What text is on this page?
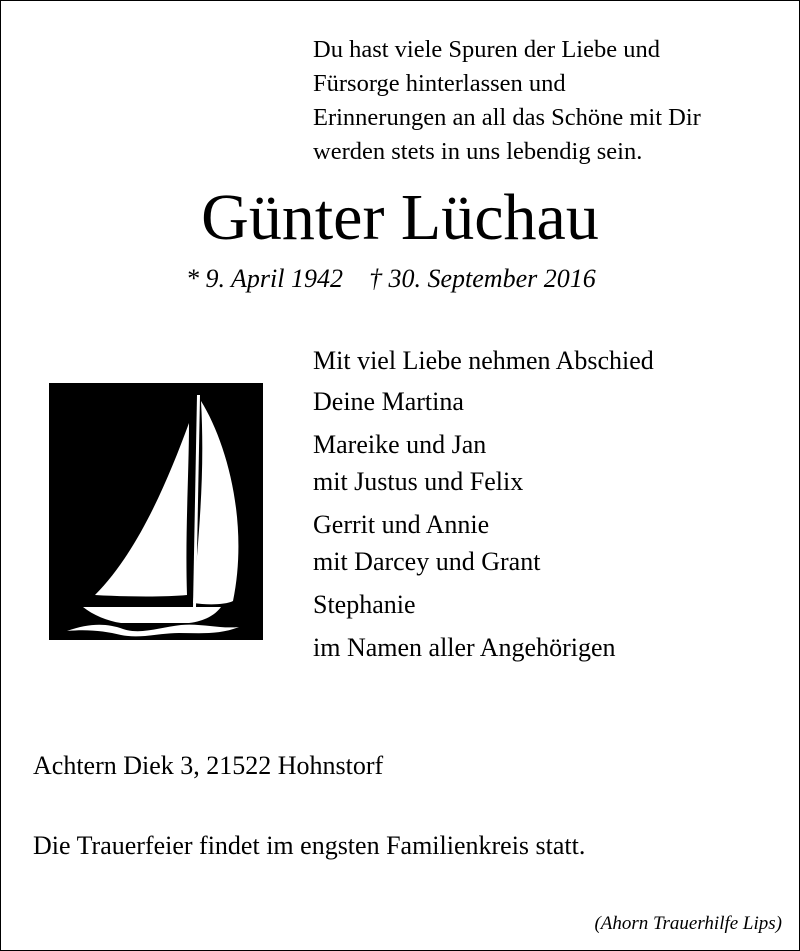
Du hast viele Spuren der Liebe und
Fürsorge hinterlassen und
Erinnerungen an all das Schöne mit Dir
werden stets in uns lebendig sein.
Günter Lüchau
* 9. April 1942 † 30. September 2016
Mit viel Liebe nehmen Abschied
Deine Martina
Mareike und Jan
mit Justus und Felix
Gerrit und Annie
mit Darcey und Grant
Stephanie
im Namen aller Angehörigen
Achtern Diek 3, 21522 Hohnstorf
Die Trauerfeier findet im engsten Familienkreis statt.
(Ahorn Trauerhilfe Lips)
